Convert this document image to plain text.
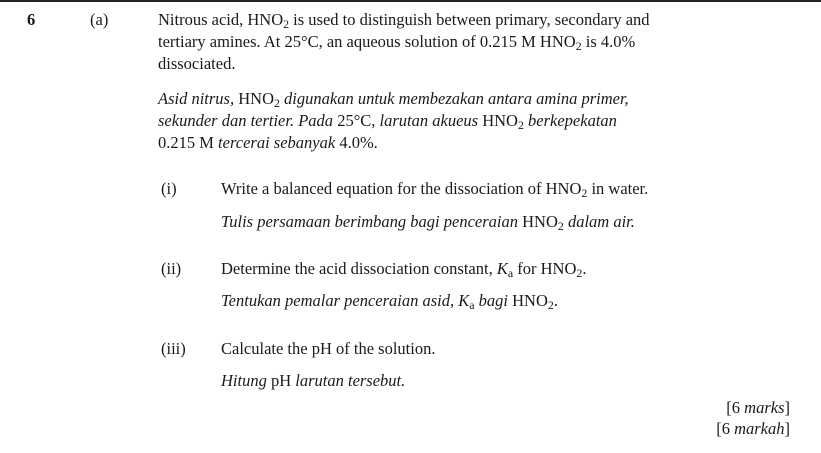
6	(a)	Nitrous acid, $HNO_2$ is used to distinguish between primary, secondary and
tertiary amines. At 25°C, an aqueous solution of 0.215 M $HNO_2$ is 4.0%
dissociated.
Asid nitrus, $HNO_2$ digunakan untuk membezakan antara amina primer,
sekunder dan tertier. Pada 25°C, larutan akueus $HNO_2$ berkepekatan
0.215 M tercerai sebanyak 4.0%.
(i)	Write a balanced equation for the dissociation of $HNO_2$ in water.
Tulis persamaan berimbang bagi penceraian $HNO_2$ dalam air.
(ii) Determine the acid dissociation constant, $K_a$ for $HNO_2$.
Tentukan pemalar penceraian asid, $K_a$ bagi $HNO_2$.
(iii) Calculate the pH of the solution.
Hitung pH larutan tersebut.
[6 marks]
[6 markah]
